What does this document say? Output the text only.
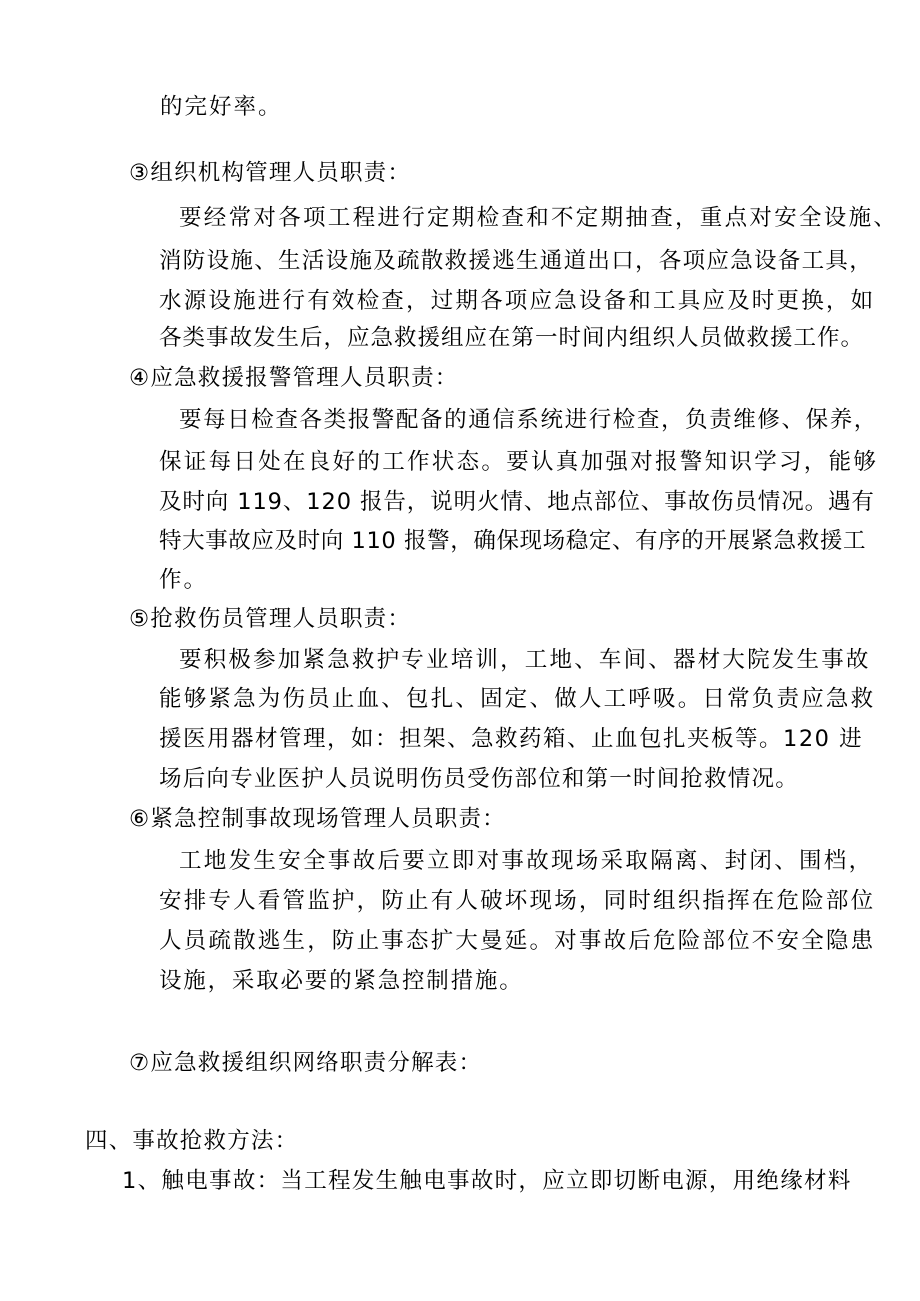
的完好率。

③组织机构管理人员职责：

要经常对各项工程进行定期检查和不定期抽查，重点对安全设施、

消防设施、生活设施及疏散救援逃生通道出口，各项应急设备工具，

水源设施进行有效检查，过期各项应急设备和工具应及时更换，如

各类事故发生后，应急救援组应在第一时间内组织人员做救援工作。

④应急救援报警管理人员职责：

要每日检查各类报警配备的通信系统进行检查，负责维修、保养，

保证每日处在良好的工作状态。要认真加强对报警知识学习，能够

及时向 119、120 报告，说明火情、地点部位、事故伤员情况。遇有

特大事故应及时向 110 报警，确保现场稳定、有序的开展紧急救援工

作。

⑤抢救伤员管理人员职责：

要积极参加紧急救护专业培训，工地、车间、器材大院发生事故

能够紧急为伤员止血、包扎、固定、做人工呼吸。日常负责应急救

援医用器材管理，如：担架、急救药箱、止血包扎夹板等。120 进

场后向专业医护人员说明伤员受伤部位和第一时间抢救情况。

⑥紧急控制事故现场管理人员职责：

工地发生安全事故后要立即对事故现场采取隔离、封闭、围档，

安排专人看管监护，防止有人破坏现场，同时组织指挥在危险部位

人员疏散逃生，防止事态扩大曼延。对事故后危险部位不安全隐患

设施，采取必要的紧急控制措施。

⑦应急救援组织网络职责分解表：

四、事故抢救方法：

1、触电事故：当工程发生触电事故时，应立即切断电源，用绝缘材料
